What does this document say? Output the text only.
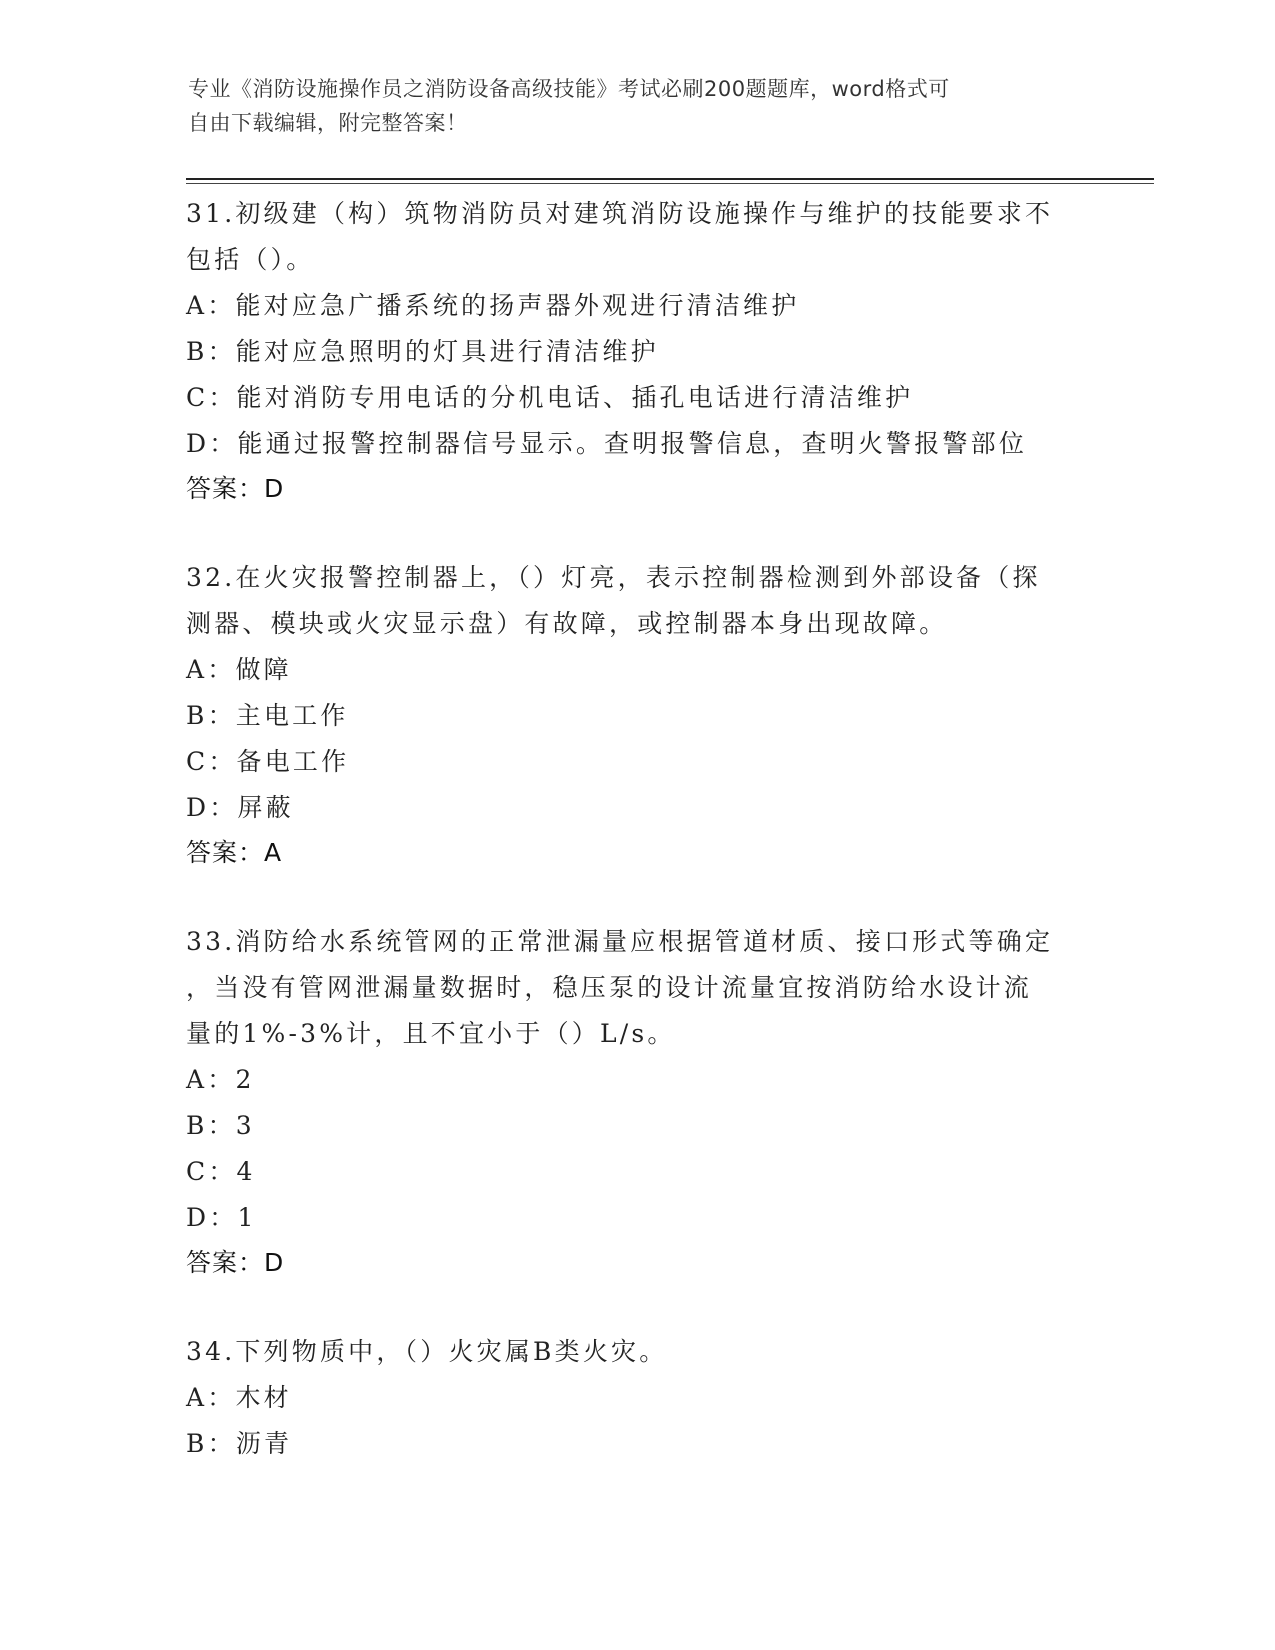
专业《消防设施操作员之消防设备高级技能》考试必刷200题题库，word格式可
自由下载编辑，附完整答案！
31.初级建（构）筑物消防员对建筑消防设施操作与维护的技能要求不
包括（）。
A：能对应急广播系统的扬声器外观进行清洁维护
B：能对应急照明的灯具进行清洁维护
C：能对消防专用电话的分机电话、插孔电话进行清洁维护
D：能通过报警控制器信号显示。查明报警信息，查明火警报警部位
答案：D
32.在火灾报警控制器上，（）灯亮，表示控制器检测到外部设备（探
测器、模块或火灾显示盘）有故障，或控制器本身出现故障。
A：做障
B：主电工作
C：备电工作
D：屏蔽
答案：A
33.消防给水系统管网的正常泄漏量应根据管道材质、接口形式等确定
，当没有管网泄漏量数据时，稳压泵的设计流量宜按消防给水设计流
量的1%-3%计，且不宜小于（）L/s。
A：2
B：3
C：4
D：1
答案：D
34.下列物质中，（）火灾属B类火灾。
A：木材
B：沥青
